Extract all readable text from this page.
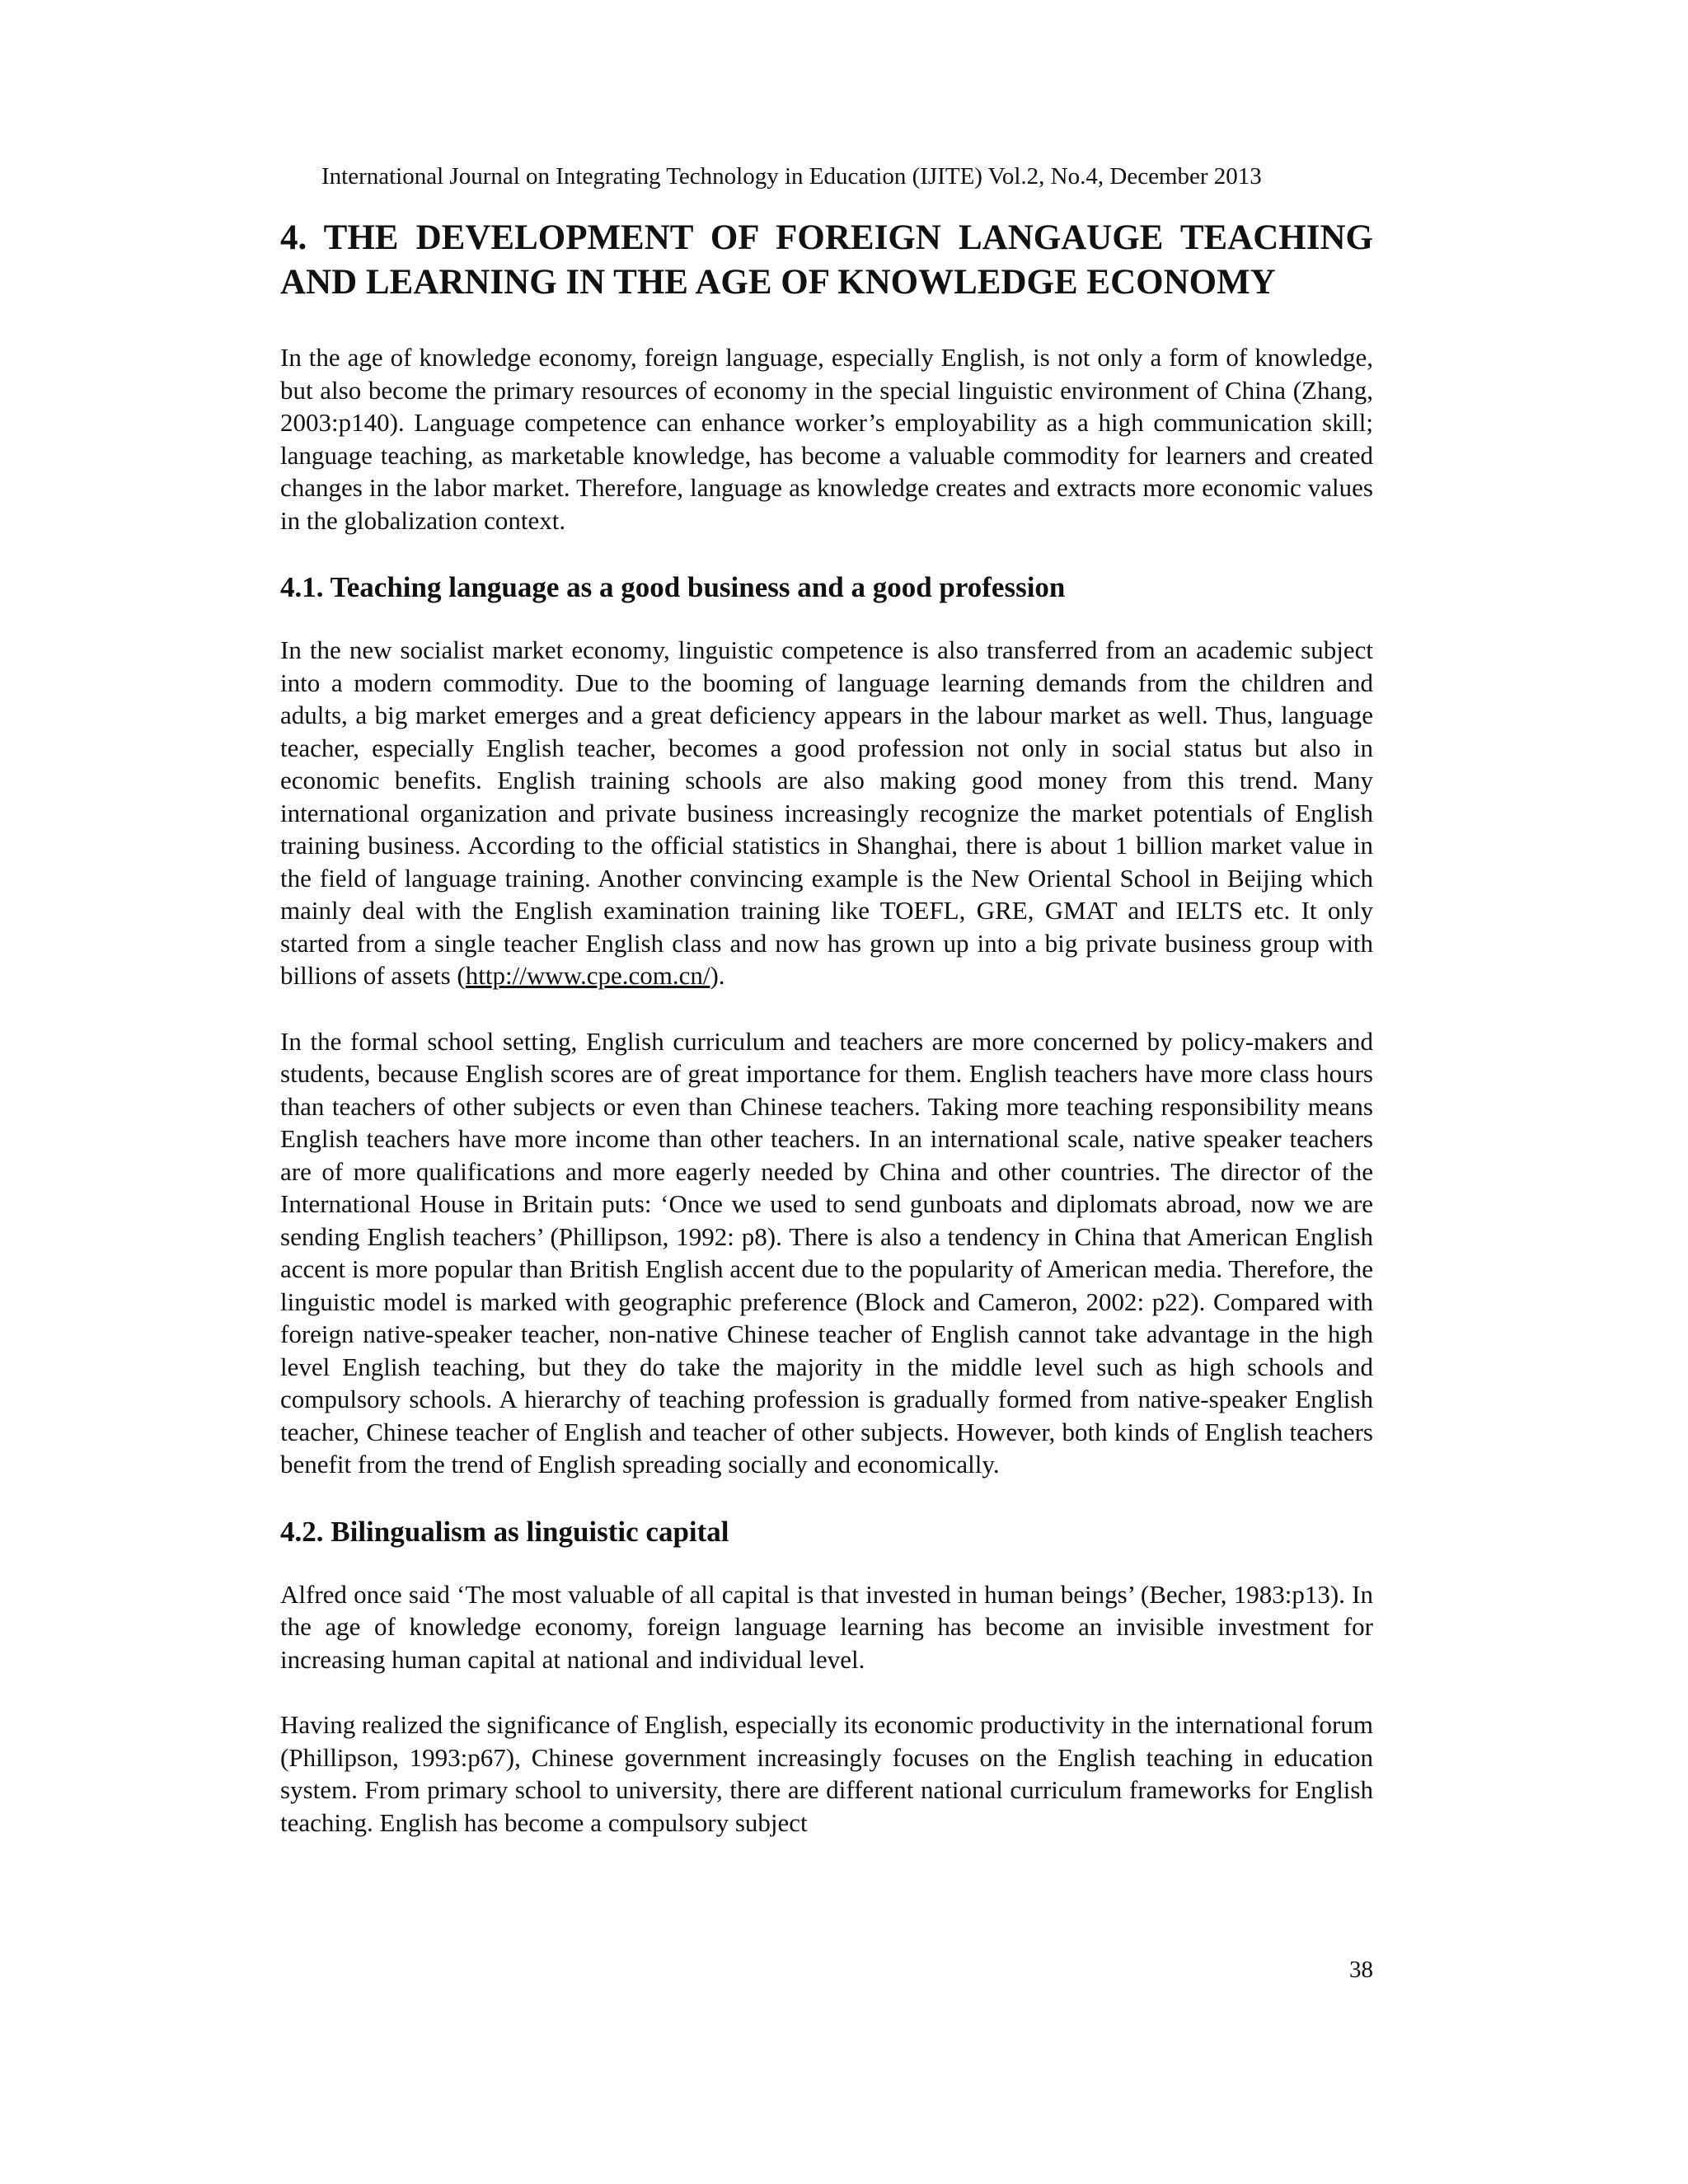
International Journal on Integrating Technology in Education (IJITE) Vol.2, No.4, December 2013
4. THE DEVELOPMENT OF FOREIGN LANGAUGE TEACHING
AND LEARNING IN THE AGE OF KNOWLEDGE ECONOMY

In the age of knowledge economy, foreign language, especially English, is not only a form of knowledge, but also become the primary resources of economy in the special linguistic environment of China (Zhang, 2003:p140). Language competence can enhance worker’s employability as a high communication skill; language teaching, as marketable knowledge, has become a valuable commodity for learners and created changes in the labor market. Therefore, language as knowledge creates and extracts more economic values in the globalization context.

4.1. Teaching language as a good business and a good profession

In the new socialist market economy, linguistic competence is also transferred from an academic subject into a modern commodity. Due to the booming of language learning demands from the children and adults, a big market emerges and a great deficiency appears in the labour market as well. Thus, language teacher, especially English teacher, becomes a good profession not only in social status but also in economic benefits. English training schools are also making good money from this trend. Many international organization and private business increasingly recognize the market potentials of English training business. According to the official statistics in Shanghai, there is about 1 billion market value in the field of language training. Another convincing example is the New Oriental School in Beijing which mainly deal with the English examination training like TOEFL, GRE, GMAT and IELTS etc. It only started from a single teacher English class and now has grown up into a big private business group with billions of assets (http://www.cpe.com.cn/).

In the formal school setting, English curriculum and teachers are more concerned by policy-makers and students, because English scores are of great importance for them. English teachers have more class hours than teachers of other subjects or even than Chinese teachers. Taking more teaching responsibility means English teachers have more income than other teachers. In an international scale, native speaker teachers are of more qualifications and more eagerly needed by China and other countries. The director of the International House in Britain puts: ‘Once we used to send gunboats and diplomats abroad, now we are sending English teachers’ (Phillipson, 1992: p8). There is also a tendency in China that American English accent is more popular than British English accent due to the popularity of American media. Therefore, the linguistic model is marked with geographic preference (Block and Cameron, 2002: p22). Compared with foreign native-speaker teacher, non-native Chinese teacher of English cannot take advantage in the high level English teaching, but they do take the majority in the middle level such as high schools and compulsory schools. A hierarchy of teaching profession is gradually formed from native-speaker English teacher, Chinese teacher of English and teacher of other subjects. However, both kinds of English teachers benefit from the trend of English spreading socially and economically.

4.2. Bilingualism as linguistic capital

Alfred once said ‘The most valuable of all capital is that invested in human beings’ (Becher, 1983:p13). In the age of knowledge economy, foreign language learning has become an invisible investment for increasing human capital at national and individual level.

Having realized the significance of English, especially its economic productivity in the international forum (Phillipson, 1993:p67), Chinese government increasingly focuses on the English teaching in education system. From primary school to university, there are different national curriculum frameworks for English teaching. English has become a compulsory subject

38
